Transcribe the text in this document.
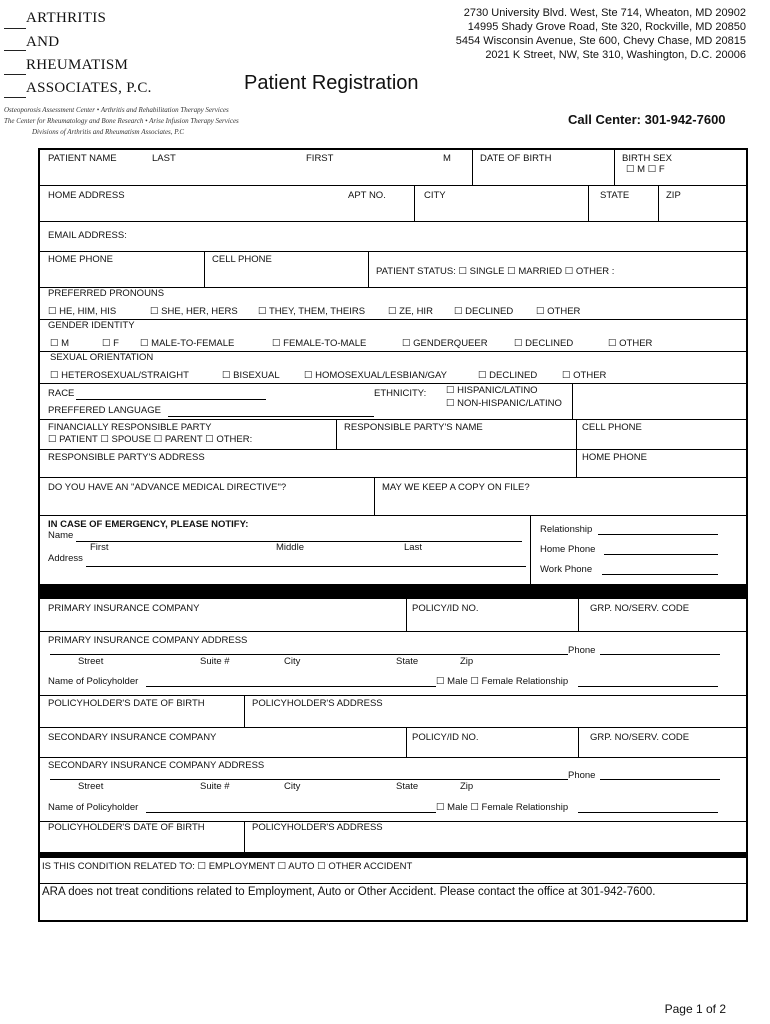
ARTHRITIS
AND
RHEUMATISM
ASSOCIATES, P.C.
2730 University Blvd. West, Ste 714, Wheaton, MD 20902
14995 Shady Grove Road, Ste 320, Rockville, MD 20850
5454 Wisconsin Avenue, Ste 600, Chevy Chase, MD 20815
2021 K Street, NW, Ste 310, Washington, D.C. 20006
Patient Registration
Osteoporosis Assessment Center • Arthritis and Rehabilitation Therapy Services
The Center for Rheumatology and Bone Research • Arise Infusion Therapy Services
Divisions of Arthritis and Rheumatism Associates, P.C
Call Center: 301-942-7600
PATIENT NAME	LAST	FIRST	M	DATE OF BIRTH	BIRTH SEX
☐ M ☐ F
HOME ADDRESS	APT NO.	CITY	STATE	ZIP
EMAIL ADDRESS:
HOME PHONE	CELL PHONE
PATIENT STATUS: ☐ SINGLE ☐ MARRIED ☐ OTHER :
PREFERRED PRONOUNS
☐ HE, HIM, HIS	☐ SHE, HER, HERS ☐ THEY, THEM, THEIRS ☐ ZE, HIR ☐ DECLINED ☐ OTHER
GENDER IDENTITY
☐ M	☐ F ☐ MALE-TO-FEMALE	☐ FEMALE-TO-MALE	☐ GENDERQUEER	☐ DECLINED	☐ OTHER
SEXUAL ORIENTATION
☐ HETEROSEXUAL/STRAIGHT	☐ BISEXUAL	☐ HOMOSEXUAL/LESBIAN/GAY	☐ DECLINED	☐ OTHER
RACE
PREFFERED LANGUAGE
ETHNICITY: ☐ HISPANIC/LATINO
☐ NON-HISPANIC/LATINO
FINANCIALLY RESPONSIBLE PARTY
☐ PATIENT ☐ SPOUSE ☐ PARENT ☐ OTHER:
RESPONSIBLE PARTY'S NAME	CELL PHONE
RESPONSIBLE PARTY'S ADDRESS	HOME PHONE
DO YOU HAVE AN "ADVANCE MEDICAL DIRECTIVE"?	MAY WE KEEP A COPY ON FILE?
IN CASE OF EMERGENCY, PLEASE NOTIFY:
Name
First	Middle	Last
Address
Relationship
Home Phone
Work Phone
PRIMARY INSURANCE COMPANY	POLICY/ID NO.	GRP. NO/SERV. CODE
PRIMARY INSURANCE COMPANY ADDRESS
Phone
Street	Suite #	City	State	Zip
Name of Policyholder	☐ Male ☐ Female Relationship
POLICYHOLDER'S DATE OF BIRTH	POLICYHOLDER'S ADDRESS
SECONDARY INSURANCE COMPANY	POLICY/ID NO.	GRP. NO/SERV. CODE
SECONDARY INSURANCE COMPANY ADDRESS
Phone
Street	Suite #	City	State	Zip
Name of Policyholder	☐ Male ☐ Female Relationship
POLICYHOLDER'S DATE OF BIRTH	POLICYHOLDER'S ADDRESS
IS THIS CONDITION RELATED TO: ☐ EMPLOYMENT ☐ AUTO ☐ OTHER ACCIDENT
ARA does not treat conditions related to Employment, Auto or Other Accident. Please contact the office at 301-942-7600.
Page 1 of 2
